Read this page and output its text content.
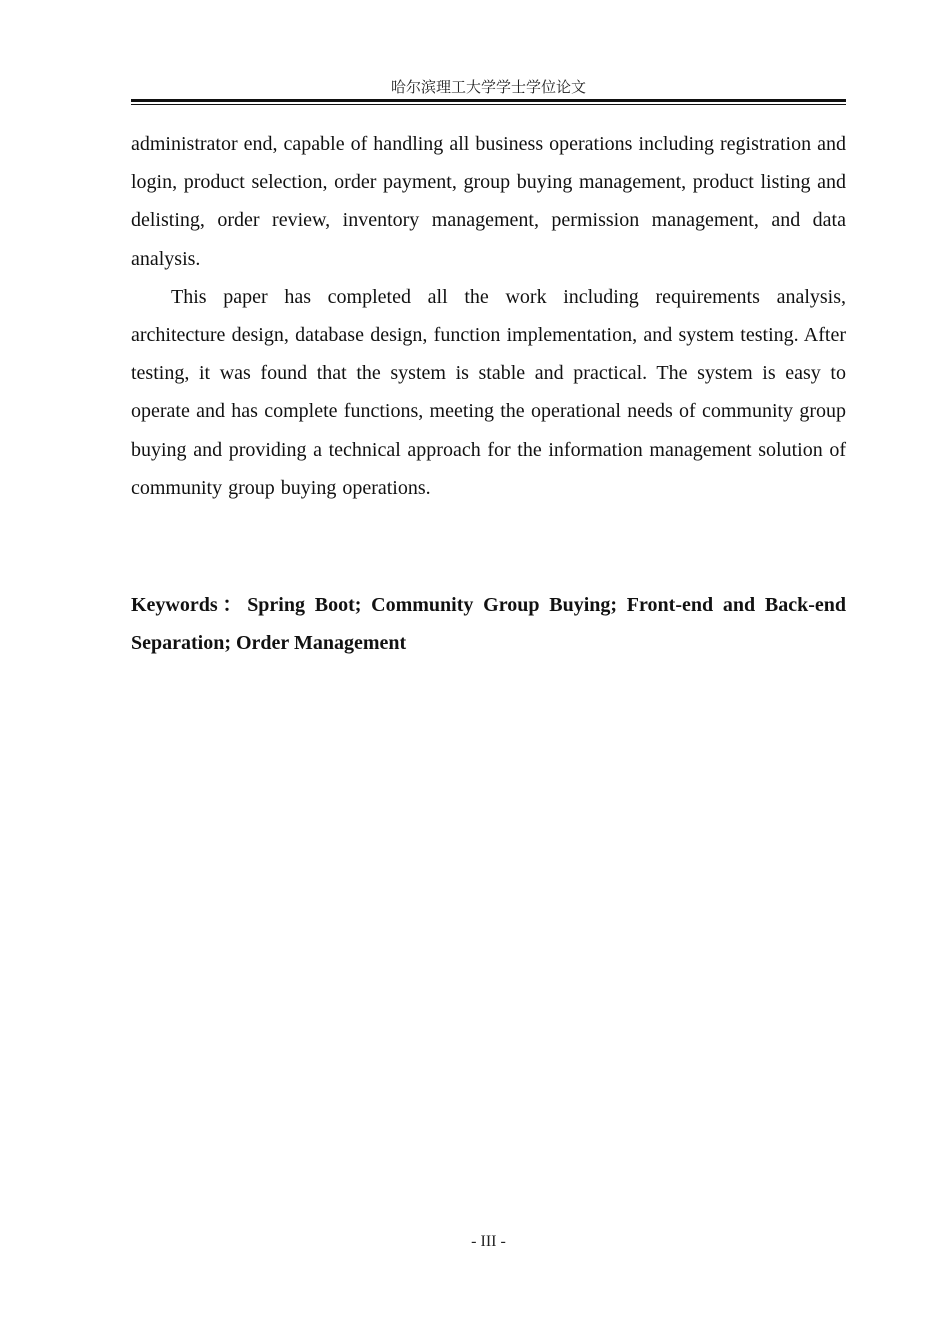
哈尔滨理工大学学士学位论文

administrator end, capable of handling all business operations including registration and login, product selection, order payment, group buying management, product listing and delisting, order review, inventory management, permission management, and data analysis.

This paper has completed all the work including requirements analysis, architecture design, database design, function implementation, and system testing. After testing, it was found that the system is stable and practical. The system is easy to operate and has complete functions, meeting the operational needs of community group buying and providing a technical approach for the information management solution of community group buying operations.

Keywords：Spring Boot; Community Group Buying; Front-end and Back-end Separation; Order Management

- III -
